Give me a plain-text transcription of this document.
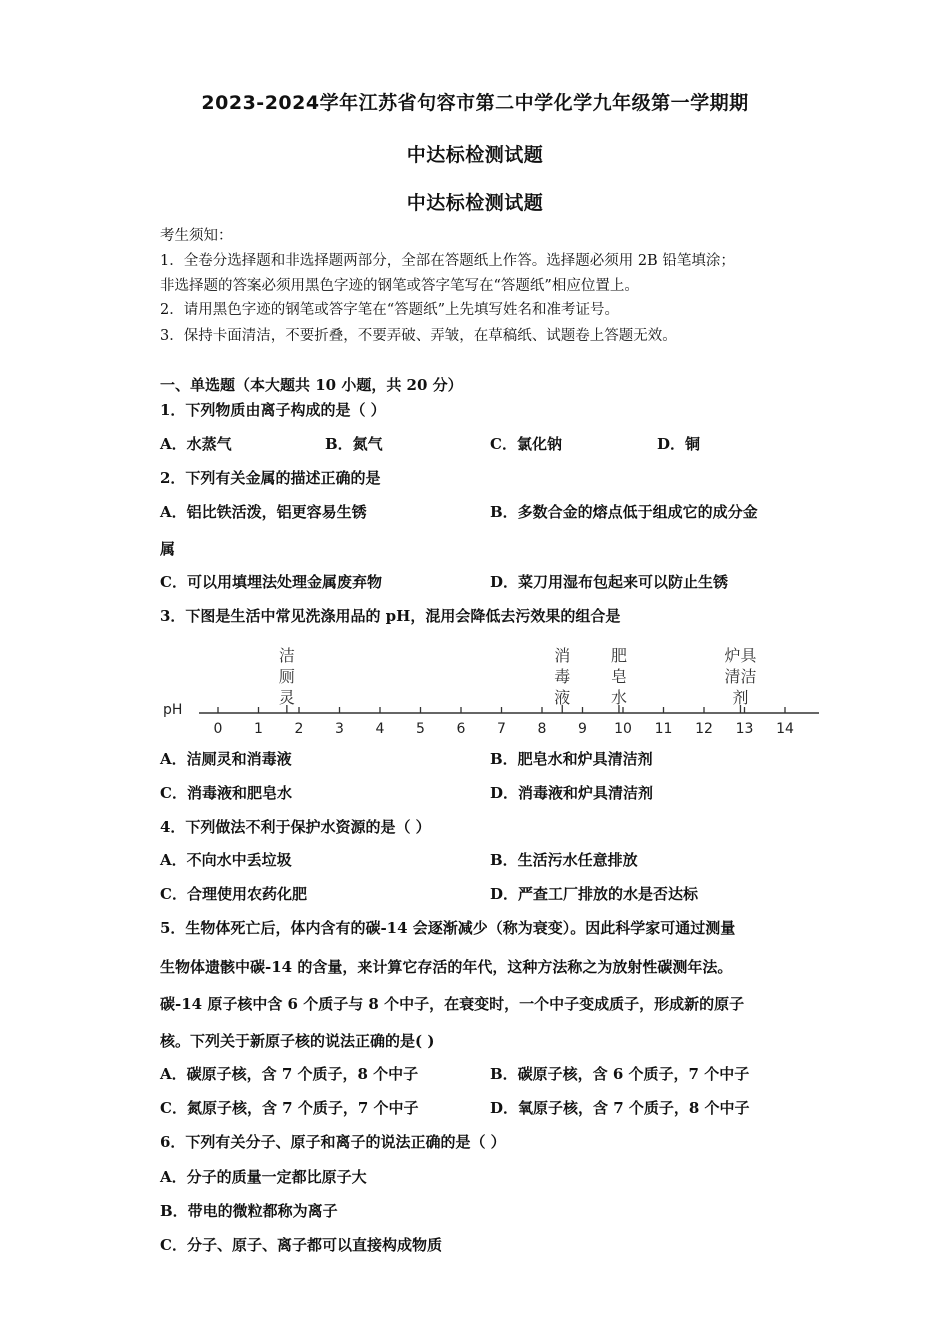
2023-2024学年江苏省句容市第二中学化学九年级第一学期期
中达标检测试题
中达标检测试题
考生须知：
1．全卷分选择题和非选择题两部分，全部在答题纸上作答。选择题必须用 2B 铅笔填涂；
非选择题的答案必须用黑色字迹的钢笔或答字笔写在“答题纸”相应位置上。
2．请用黑色字迹的钢笔或答字笔在“答题纸”上先填写姓名和准考证号。
3．保持卡面清洁，不要折叠，不要弄破、弄皱，在草稿纸、试题卷上答题无效。
一、单选题（本大题共 10 小题，共 20 分）
1．下列物质由离子构成的是（ ）
A．水蒸气	B．氮气	C．氯化钠	D．铜
2．下列有关金属的描述正确的是
A．铝比铁活泼，铝更容易生锈	B．多数合金的熔点低于组成它的成分金
属
C．可以用填埋法处理金属废弃物	D．菜刀用湿布包起来可以防止生锈
3．下图是生活中常见洗涤用品的 pH，混用会降低去污效果的组合是
pH
0 1 2 3 4 5 6 7 8 9 10 11 12 13 14
洁
厕
灵
消
毒
液
肥
皂
水
炉具
清洁
剂
A．洁厕灵和消毒液	B．肥皂水和炉具清洁剂
C．消毒液和肥皂水	D．消毒液和炉具清洁剂
4．下列做法不利于保护水资源的是（ ）
A．不向水中丢垃圾	B．生活污水任意排放
C．合理使用农药化肥	D．严查工厂排放的水是否达标
5．生物体死亡后，体内含有的碳-14 会逐渐减少（称为衰变）。因此科学家可通过测量
生物体遗骸中碳-14 的含量，来计算它存活的年代，这种方法称之为放射性碳测年法。
碳-14 原子核中含 6 个质子与 8 个中子，在衰变时，一个中子变成质子，形成新的原子
核。下列关于新原子核的说法正确的是( )
A．碳原子核，含 7 个质子，8 个中子	B．碳原子核，含 6 个质子，7 个中子
C．氮原子核，含 7 个质子，7 个中子	D．氧原子核，含 7 个质子，8 个中子
6．下列有关分子、原子和离子的说法正确的是（ ）
A．分子的质量一定都比原子大
B．带电的微粒都称为离子
C．分子、原子、离子都可以直接构成物质
